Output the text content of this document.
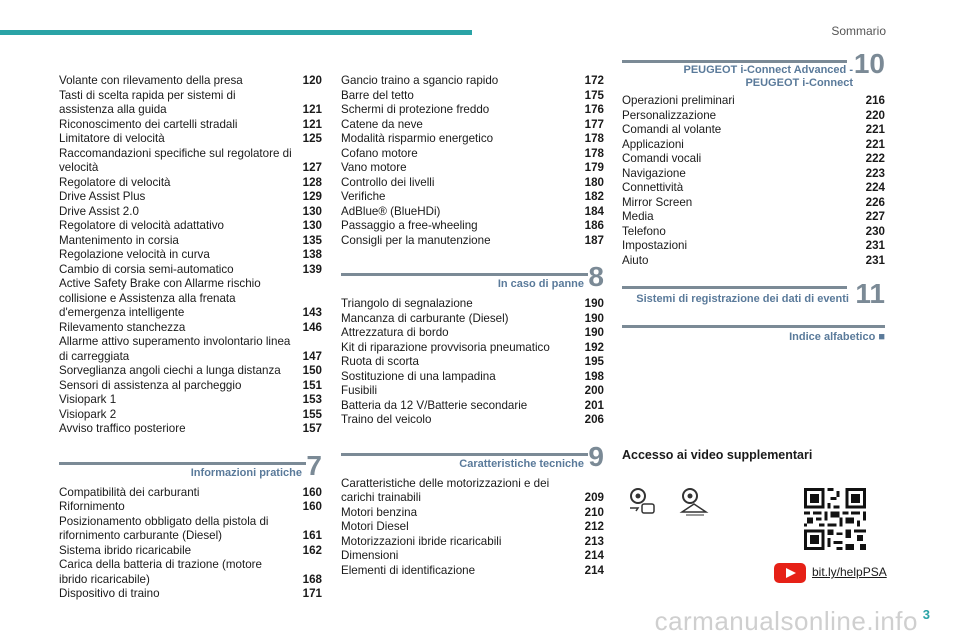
Sommario
Volante con rilevamento della presa	120
Tasti di scelta rapida per sistemi di assistenza alla guida	121
Riconoscimento dei cartelli stradali	121
Limitatore di velocità	125
Raccomandazioni specifiche sul regolatore di velocità	127
Regolatore di velocità	128
Drive Assist Plus	129
Drive Assist 2.0	130
Regolatore di velocità adattativo	130
Mantenimento in corsia	135
Regolazione velocità in curva	138
Cambio di corsia semi-automatico	139
Active Safety Brake con Allarme rischio collisione e Assistenza alla frenata d'emergenza intelligente	143
Rilevamento stanchezza	146
Allarme attivo superamento involontario linea di carreggiata	147
Sorveglianza angoli ciechi a lunga distanza	150
Sensori di assistenza al parcheggio	151
Visiopark 1	153
Visiopark 2	155
Avviso traffico posteriore	157
Informazioni pratiche 7
Compatibilità dei carburanti	160
Rifornimento	160
Posizionamento obbligato della pistola di rifornimento carburante (Diesel)	161
Sistema ibrido ricaricabile	162
Carica della batteria di trazione (motore ibrido ricaricabile)	168
Dispositivo di traino	171
Gancio traino a sgancio rapido	172
Barre del tetto	175
Schermi di protezione freddo	176
Catene da neve	177
Modalità risparmio energetico	178
Cofano motore	178
Vano motore	179
Controllo dei livelli	180
Verifiche	182
AdBlue® (BlueHDi)	184
Passaggio a free-wheeling	186
Consigli per la manutenzione	187
In caso di panne 8
Triangolo di segnalazione	190
Mancanza di carburante (Diesel)	190
Attrezzatura di bordo	190
Kit di riparazione provvisoria pneumatico	192
Ruota di scorta	195
Sostituzione di una lampadina	198
Fusibili	200
Batteria da 12 V/Batterie secondarie	201
Traino del veicolo	206
Caratteristiche tecniche 9
Caratteristiche delle motorizzazioni e dei carichi trainabili	209
Motori benzina	210
Motori Diesel	212
Motorizzazioni ibride ricaricabili	213
Dimensioni	214
Elementi di identificazione	214
PEUGEOT i-Connect Advanced -
PEUGEOT i-Connect
10
Operazioni preliminari	216
Personalizzazione	220
Comandi al volante	221
Applicazioni	221
Comandi vocali	222
Navigazione	223
Connettività	224
Mirror Screen	226
Media	227
Telefono	230
Impostazioni	231
Aiuto	231
Sistemi di registrazione dei dati di eventi 11
Indice alfabetico ■
Accesso ai video supplementari
bit.ly/helpPSA
carmanualsonline.info 3
